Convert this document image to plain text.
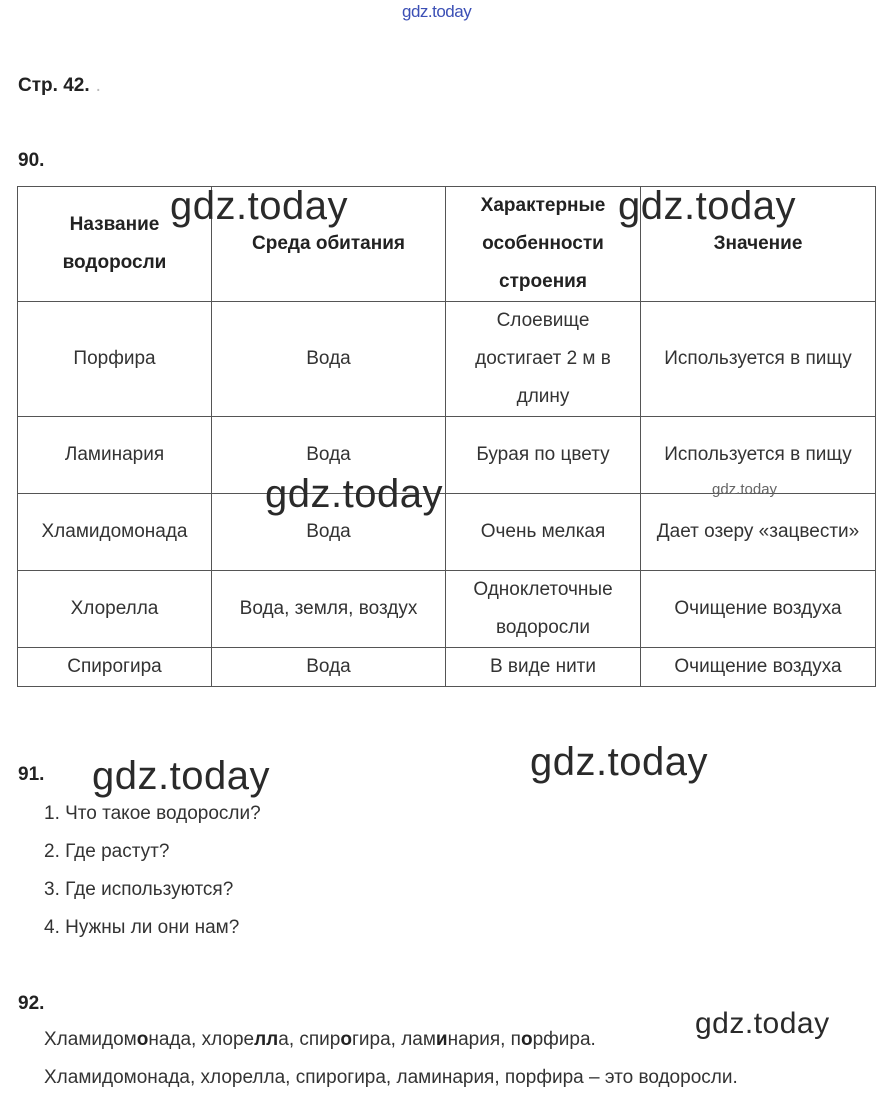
gdz.today
Стр. 42. .
90.
Название водоросли	Среда обитания	Характерные особенности строения	Значение
Порфира	Вода	Слоевище достигает 2 м в длину	Используется в пищу
Ламинария	Вода	Бурая по цвету	Используется в пищу
Хламидомонада	Вода	Очень мелкая	Дает озеру «зацвести»
Хлорелла	Вода, земля, воздух	Одноклеточные водоросли	Очищение воздуха
Спирогира	Вода	В виде нити	Очищение воздуха
91.
1. Что такое водоросли?
2. Где растут?
3. Где используются?
4. Нужны ли они нам?
92.
Хламидомонада, хлорелла, спирогира, ламинария, порфира.
Хламидомонада, хлорелла, спирогира, ламинария, порфира – это водоросли.
gdz.today	gdz.today
gdz.today	gdz.today
gdz.today	gdz.today
gdz.today
